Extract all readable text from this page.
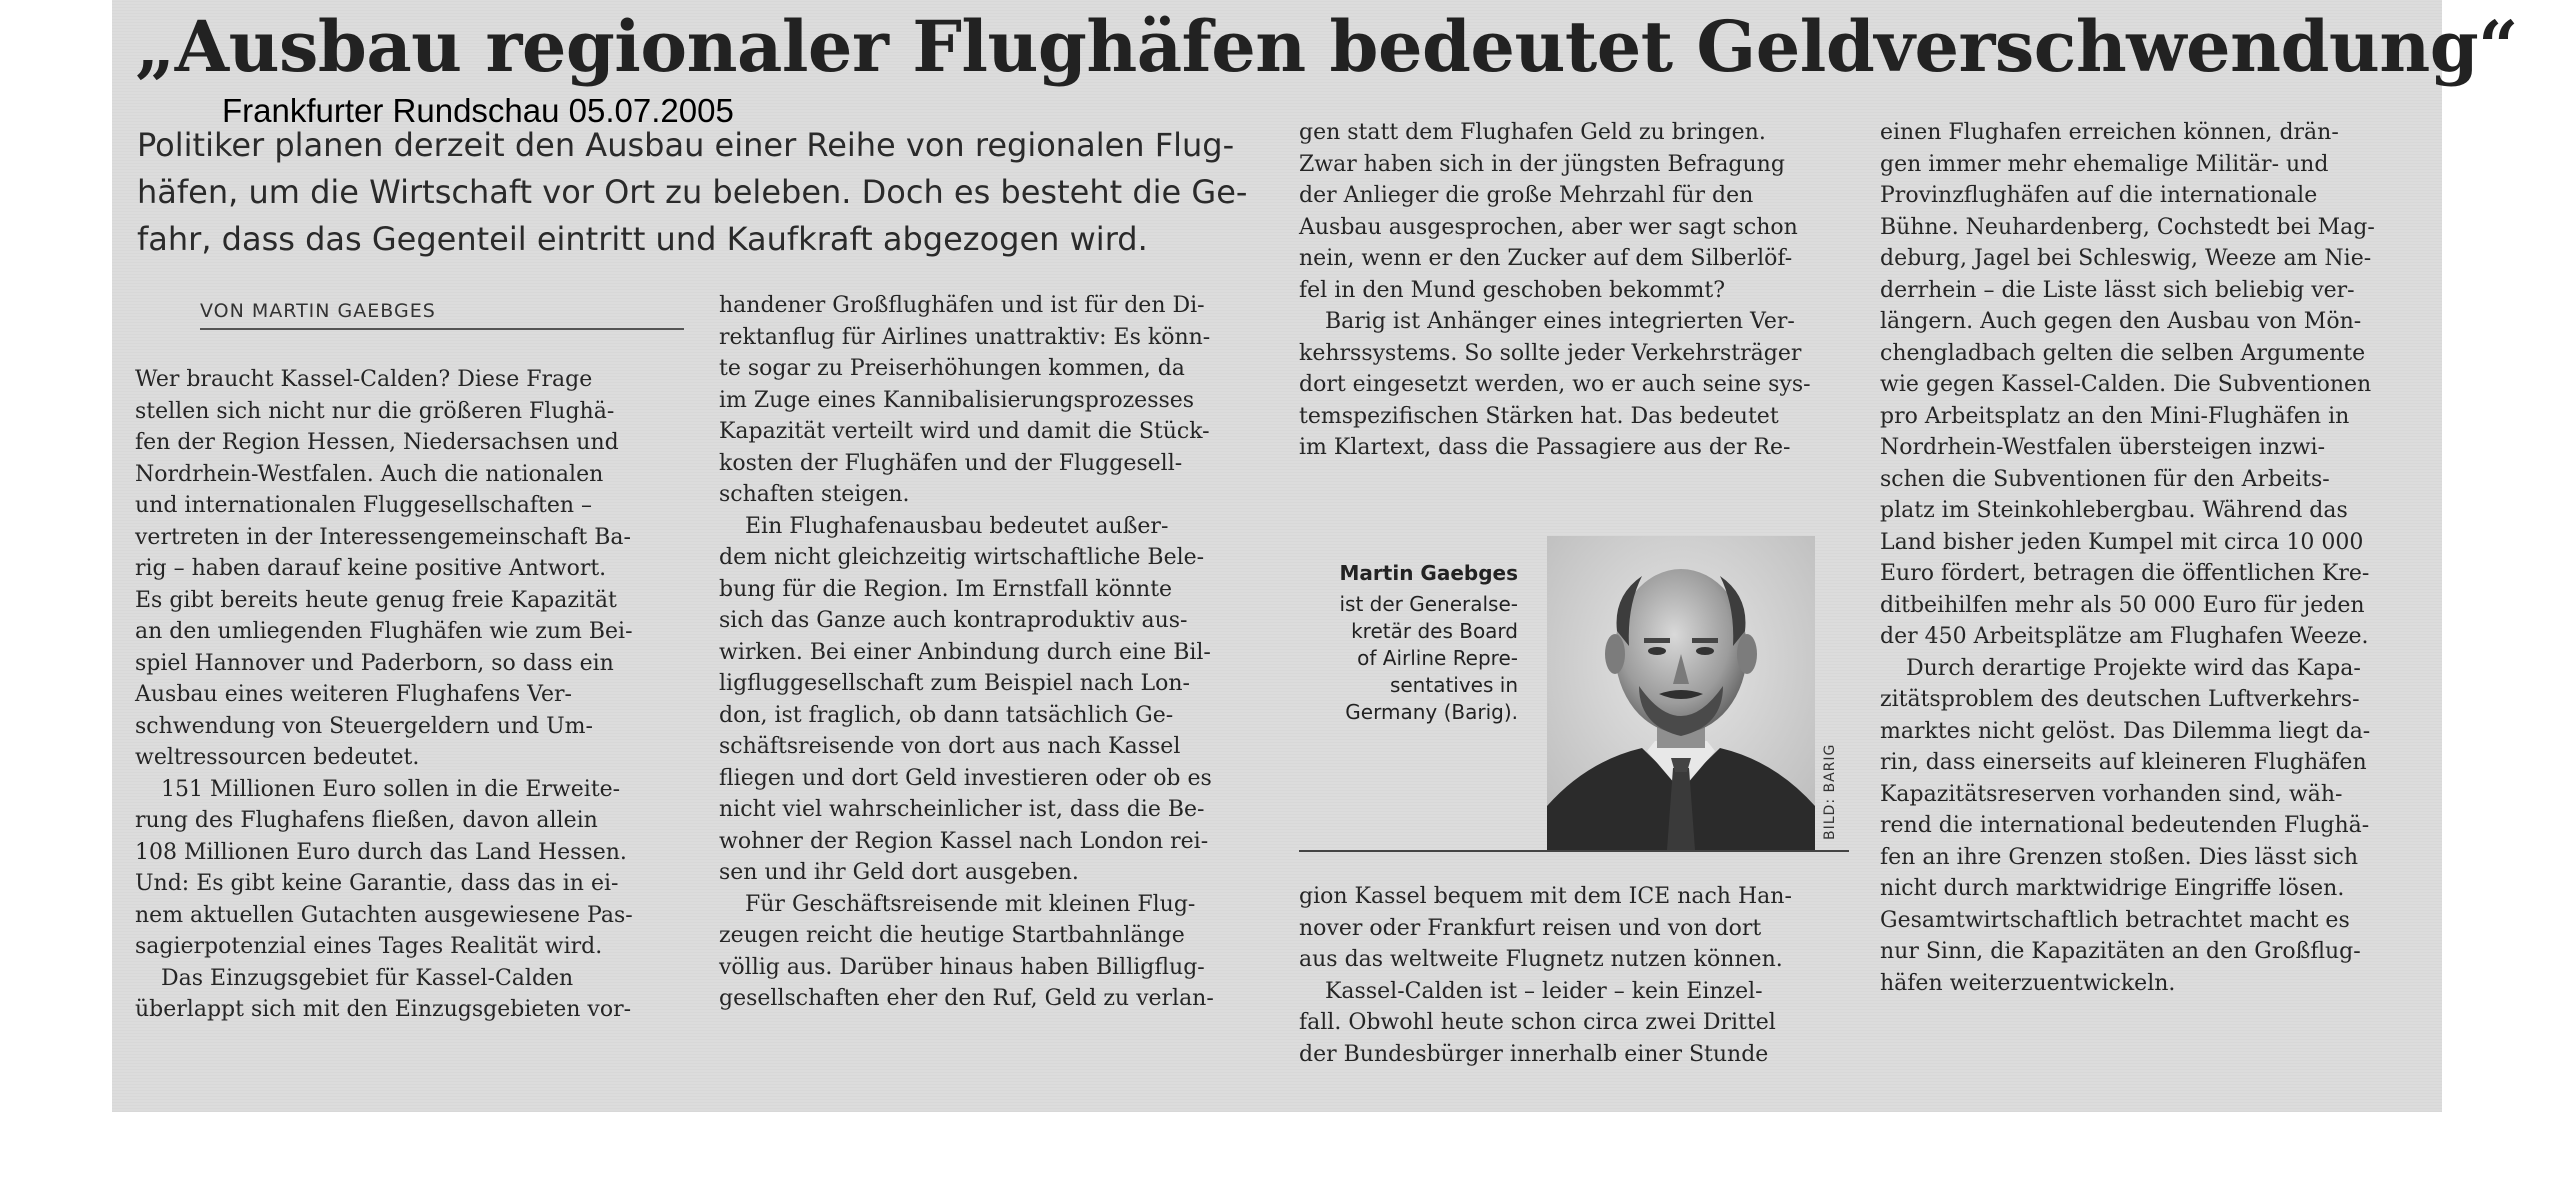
„Ausbau regionaler Flughäfen bedeutet Geldverschwendung“
Frankfurter Rundschau 05.07.2005
Politiker planen derzeit den Ausbau einer Reihe von regionalen Flug-
häfen, um die Wirtschaft vor Ort zu beleben. Doch es besteht die Ge-
fahr, dass das Gegenteil eintritt und Kaufkraft abgezogen wird.
VON MARTIN GAEBGES
Wer braucht Kassel-Calden? Diese Frage
stellen sich nicht nur die größeren Flughä-
fen der Region Hessen, Niedersachsen und
Nordrhein-Westfalen. Auch die nationalen
und internationalen Fluggesellschaften –
vertreten in der Interessengemeinschaft Ba-
rig – haben darauf keine positive Antwort.
Es gibt bereits heute genug freie Kapazität
an den umliegenden Flughäfen wie zum Bei-
spiel Hannover und Paderborn, so dass ein
Ausbau eines weiteren Flughafens Ver-
schwendung von Steuergeldern und Um-
weltressourcen bedeutet.
151 Millionen Euro sollen in die Erweite-
rung des Flughafens fließen, davon allein
108 Millionen Euro durch das Land Hessen.
Und: Es gibt keine Garantie, dass das in ei-
nem aktuellen Gutachten ausgewiesene Pas-
sagierpotenzial eines Tages Realität wird.
Das Einzugsgebiet für Kassel-Calden
überlappt sich mit den Einzugsgebieten vor-
handener Großflughäfen und ist für den Di-
rektanflug für Airlines unattraktiv: Es könn-
te sogar zu Preiserhöhungen kommen, da
im Zuge eines Kannibalisierungsprozesses
Kapazität verteilt wird und damit die Stück-
kosten der Flughäfen und der Fluggesell-
schaften steigen.
Ein Flughafenausbau bedeutet außer-
dem nicht gleichzeitig wirtschaftliche Bele-
bung für die Region. Im Ernstfall könnte
sich das Ganze auch kontraproduktiv aus-
wirken. Bei einer Anbindung durch eine Bil-
ligfluggesellschaft zum Beispiel nach Lon-
don, ist fraglich, ob dann tatsächlich Ge-
schäftsreisende von dort aus nach Kassel
fliegen und dort Geld investieren oder ob es
nicht viel wahrscheinlicher ist, dass die Be-
wohner der Region Kassel nach London rei-
sen und ihr Geld dort ausgeben.
Für Geschäftsreisende mit kleinen Flug-
zeugen reicht die heutige Startbahnlänge
völlig aus. Darüber hinaus haben Billigflug-
gesellschaften eher den Ruf, Geld zu verlan-
gen statt dem Flughafen Geld zu bringen.
Zwar haben sich in der jüngsten Befragung
der Anlieger die große Mehrzahl für den
Ausbau ausgesprochen, aber wer sagt schon
nein, wenn er den Zucker auf dem Silberlöf-
fel in den Mund geschoben bekommt?
Barig ist Anhänger eines integrierten Ver-
kehrssystems. So sollte jeder Verkehrsträger
dort eingesetzt werden, wo er auch seine sys-
temspezifischen Stärken hat. Das bedeutet
im Klartext, dass die Passagiere aus der Re-
gion Kassel bequem mit dem ICE nach Han-
nover oder Frankfurt reisen und von dort
aus das weltweite Flugnetz nutzen können.
Kassel-Calden ist – leider – kein Einzel-
fall. Obwohl heute schon circa zwei Drittel
der Bundesbürger innerhalb einer Stunde
einen Flughafen erreichen können, drän-
gen immer mehr ehemalige Militär- und
Provinzflughäfen auf die internationale
Bühne. Neuhardenberg, Cochstedt bei Mag-
deburg, Jagel bei Schleswig, Weeze am Nie-
derrhein – die Liste lässt sich beliebig ver-
längern. Auch gegen den Ausbau von Mön-
chengladbach gelten die selben Argumente
wie gegen Kassel-Calden. Die Subventionen
pro Arbeitsplatz an den Mini-Flughäfen in
Nordrhein-Westfalen übersteigen inzwi-
schen die Subventionen für den Arbeits-
platz im Steinkohlebergbau. Während das
Land bisher jeden Kumpel mit circa 10 000
Euro fördert, betragen die öffentlichen Kre-
ditbeihilfen mehr als 50 000 Euro für jeden
der 450 Arbeitsplätze am Flughafen Weeze.
Durch derartige Projekte wird das Kapa-
zitätsproblem des deutschen Luftverkehrs-
marktes nicht gelöst. Das Dilemma liegt da-
rin, dass einerseits auf kleineren Flughäfen
Kapazitätsreserven vorhanden sind, wäh-
rend die international bedeutenden Flughä-
fen an ihre Grenzen stoßen. Dies lässt sich
nicht durch marktwidrige Eingriffe lösen.
Gesamtwirtschaftlich betrachtet macht es
nur Sinn, die Kapazitäten an den Großflug-
häfen weiterzuentwickeln.
Martin Gaebges
ist der Generalse-
kretär des Board
of Airline Repre-
sentatives in
Germany (Barig).
BILD: BARIG
